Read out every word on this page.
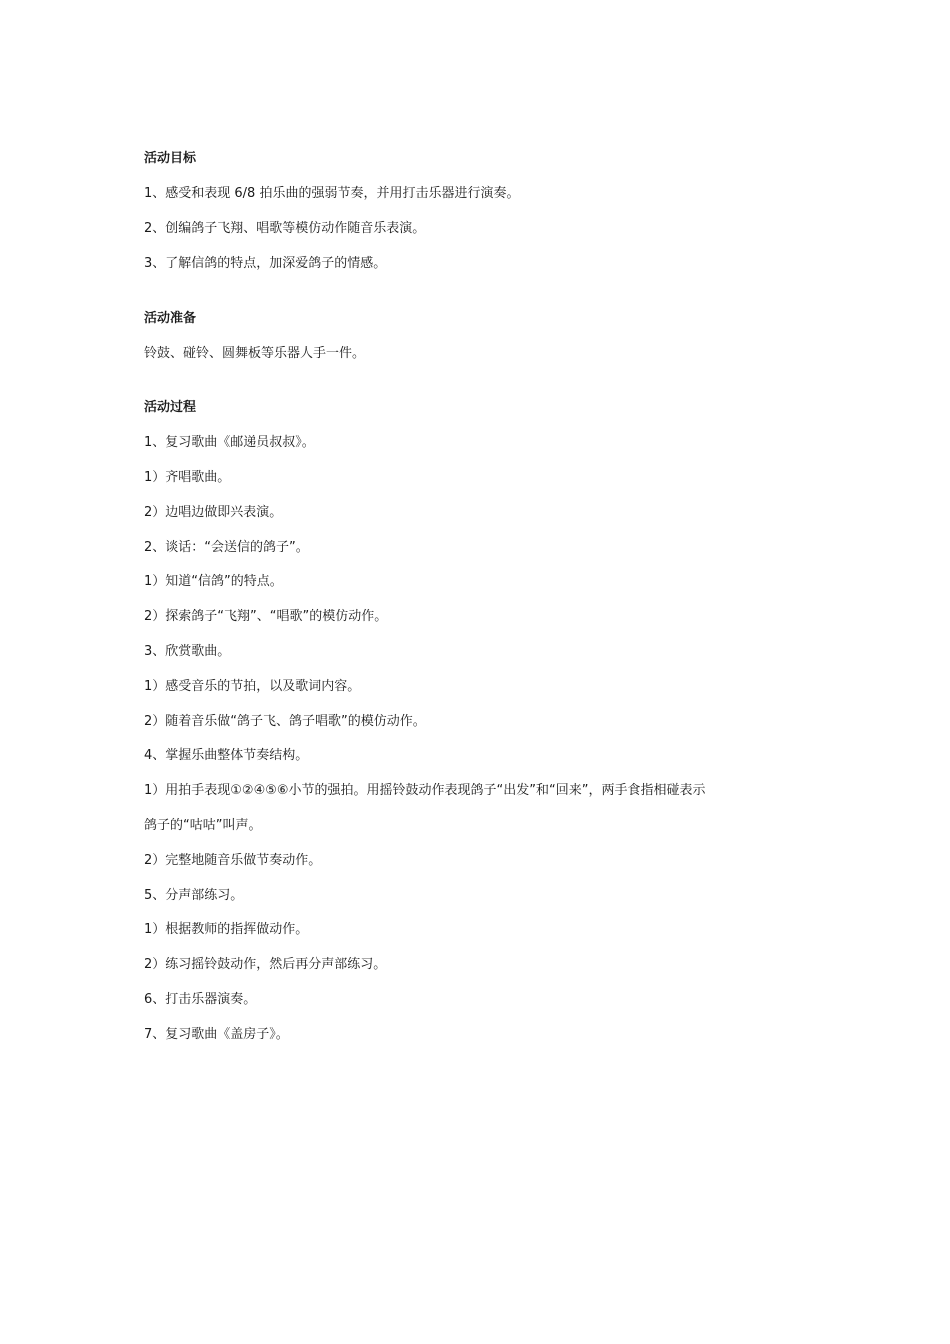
活动目标
1、感受和表现 6/8 拍乐曲的强弱节奏，并用打击乐器进行演奏。
2、创编鸽子飞翔、唱歌等模仿动作随音乐表演。
3、了解信鸽的特点，加深爱鸽子的情感。
活动准备
铃鼓、碰铃、圆舞板等乐器人手一件。
活动过程
1、复习歌曲《邮递员叔叔》。
1）齐唱歌曲。
2）边唱边做即兴表演。
2、谈话：“会送信的鸽子”。
1）知道“信鸽”的特点。
2）探索鸽子“飞翔”、“唱歌”的模仿动作。
3、欣赏歌曲。
1）感受音乐的节拍，以及歌词内容。
2）随着音乐做“鸽子飞、鸽子唱歌”的模仿动作。
4、掌握乐曲整体节奏结构。
1）用拍手表现①②④⑤⑥小节的强拍。用摇铃鼓动作表现鸽子“出发”和“回来”，两手食指相碰表示
鸽子的“咕咕”叫声。
2）完整地随音乐做节奏动作。
5、分声部练习。
1）根据教师的指挥做动作。
2）练习摇铃鼓动作，然后再分声部练习。
6、打击乐器演奏。
7、复习歌曲《盖房子》。
